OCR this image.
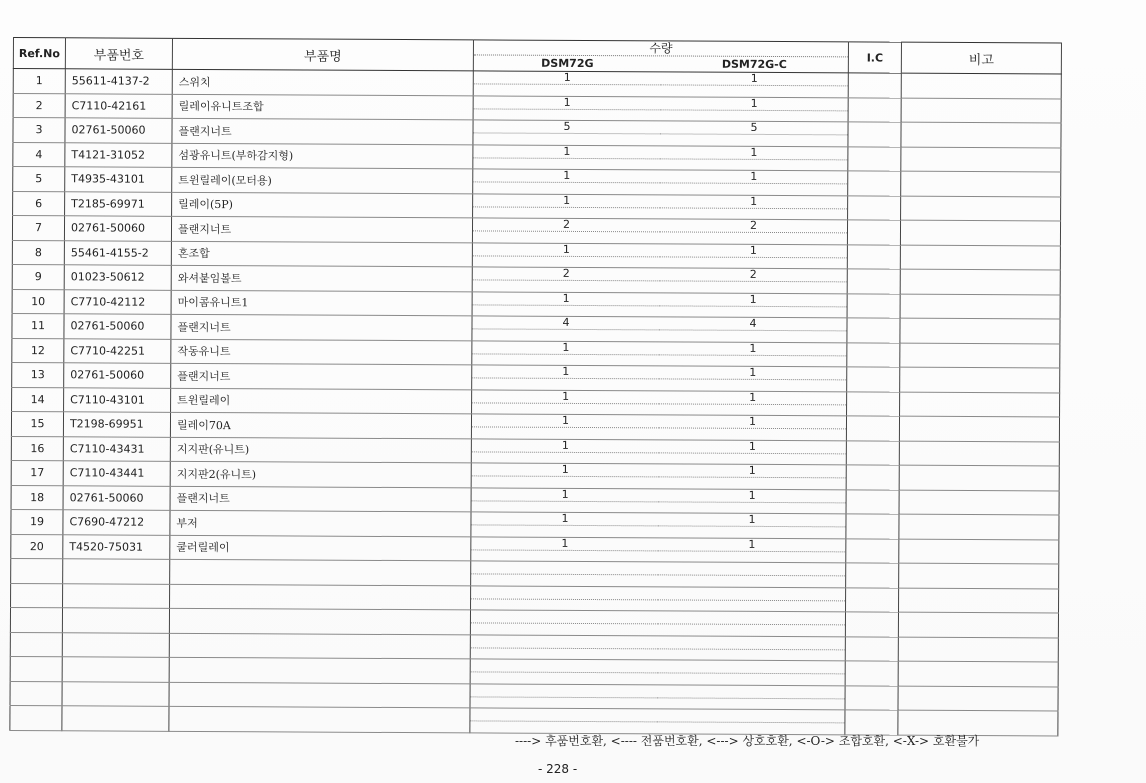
Ref.No	부품번호	부품명	수량
DSM72G DSM72G-C	I.C	비고
1	55611-4137-2	스위치	1 1		

2	C7110-42161	릴레이유니트조합	1 1		

3	02761-50060	플랜지너트	5 5		

4	T4121-31052	섬광유니트(부하감지형)	1 1		

5	T4935-43101	트윈릴레이(모터용)	1 1		

6	T2185-69971	릴레이(5P)	1 1		

7	02761-50060	플랜지너트	2 2		

8	55461-4155-2	혼조합	1 1		

9	01023-50612	와셔붙임볼트	2 2		

10	C7710-42112	마이콤유니트1	1 1		

11	02761-50060	플랜지너트	4 4		

12	C7710-42251	작동유니트	1 1		

13	02761-50060	플랜지너트	1 1		

14	C7110-43101	트윈릴레이	1 1		

15	T2198-69951	릴레이70A	1 1		

16	C7110-43431	지지판(유니트)	1 1		

17	C7110-43441	지지판2(유니트)	1 1		

18	02761-50060	플랜지너트	1 1		

19	C7690-47212	부저	1 1		

20	T4520-75031	쿨러릴레이	1 1		

----> 후품번호환, <---- 전품번호환, <---> 상호호환, <-O-> 조합호환, <-X-> 호환불가
- 228 -
